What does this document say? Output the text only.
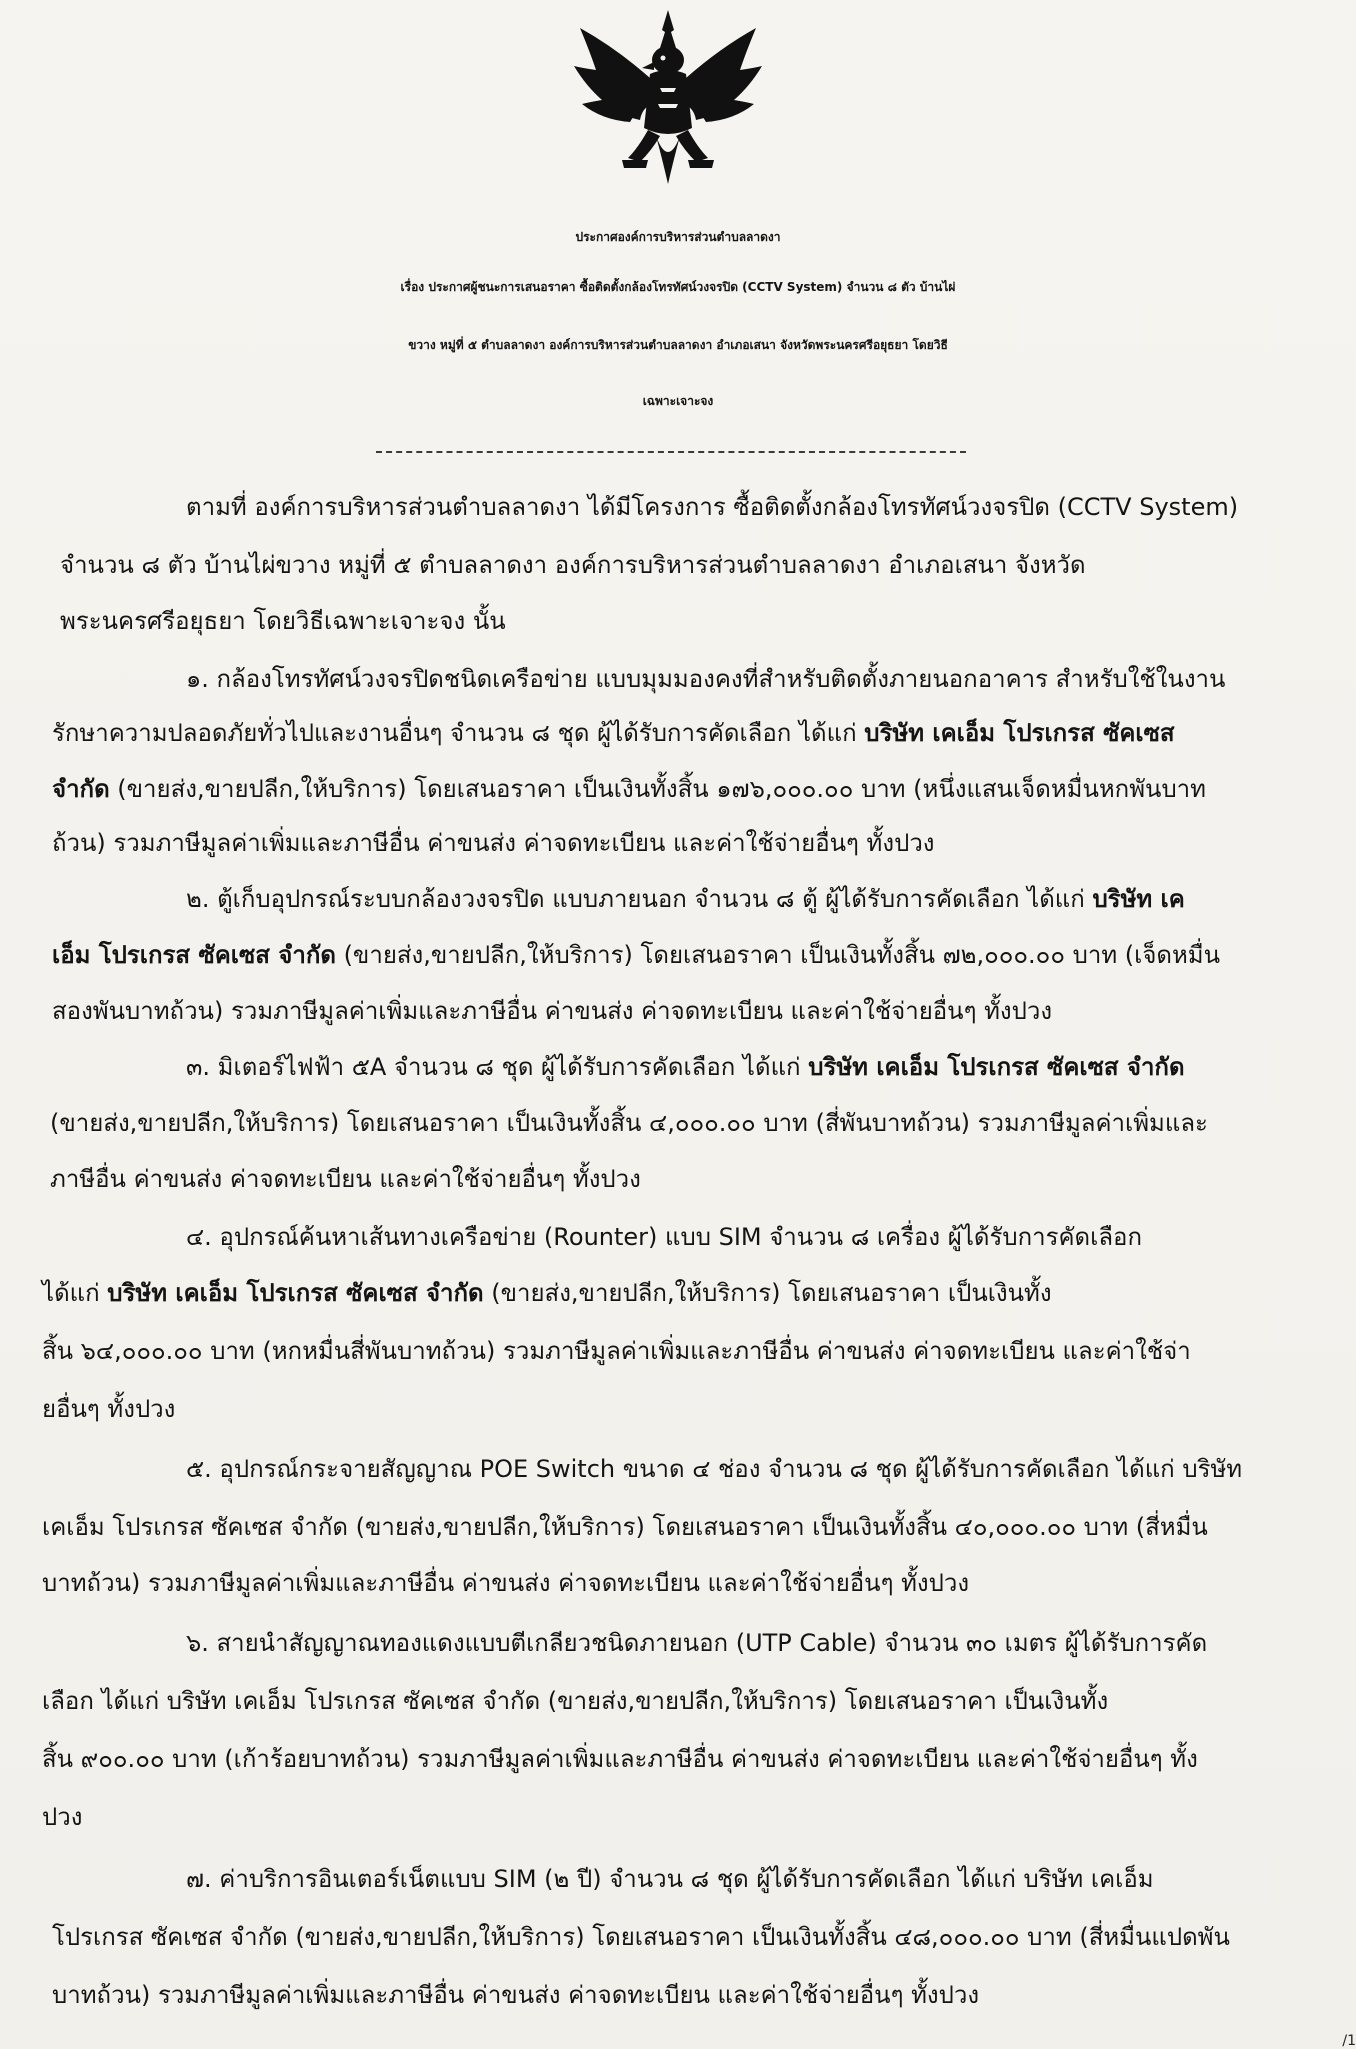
ประกาศองค์การบริหารส่วนตำบลลาดงา
เรื่อง ประกาศผู้ชนะการเสนอราคา ซื้อติดตั้งกล้องโทรทัศน์วงจรปิด (CCTV System) จำนวน ๘ ตัว บ้านไผ่
ขวาง หมู่ที่ ๕ ตำบลลาดงา องค์การบริหารส่วนตำบลลาดงา อำเภอเสนา จังหวัดพระนครศรีอยุธยา โดยวิธี
เฉพาะเจาะจง
ตามที่ องค์การบริหารส่วนตำบลลาดงา ได้มีโครงการ ซื้อติดตั้งกล้องโทรทัศน์วงจรปิด (CCTV System)
จำนวน ๘ ตัว บ้านไผ่ขวาง หมู่ที่ ๕ ตำบลลาดงา องค์การบริหารส่วนตำบลลาดงา อำเภอเสนา จังหวัด
พระนครศรีอยุธยา โดยวิธีเฉพาะเจาะจง นั้น
๑. กล้องโทรทัศน์วงจรปิดชนิดเครือข่าย แบบมุมมองคงที่สำหรับติดตั้งภายนอกอาคาร สำหรับใช้ในงาน
รักษาความปลอดภัยทั่วไปและงานอื่นๆ จำนวน ๘ ชุด ผู้ได้รับการคัดเลือก ได้แก่ บริษัท เคเอ็ม โปรเกรส ซัคเซส
จำกัด (ขายส่ง,ขายปลีก,ให้บริการ) โดยเสนอราคา เป็นเงินทั้งสิ้น ๑๗๖,๐๐๐.๐๐ บาท (หนึ่งแสนเจ็ดหมื่นหกพันบาท
ถ้วน) รวมภาษีมูลค่าเพิ่มและภาษีอื่น ค่าขนส่ง ค่าจดทะเบียน และค่าใช้จ่ายอื่นๆ ทั้งปวง
๒. ตู้เก็บอุปกรณ์ระบบกล้องวงจรปิด แบบภายนอก จำนวน ๘ ตู้ ผู้ได้รับการคัดเลือก ได้แก่ บริษัท เค
เอ็ม โปรเกรส ซัคเซส จำกัด (ขายส่ง,ขายปลีก,ให้บริการ) โดยเสนอราคา เป็นเงินทั้งสิ้น ๗๒,๐๐๐.๐๐ บาท (เจ็ดหมื่น
สองพันบาทถ้วน) รวมภาษีมูลค่าเพิ่มและภาษีอื่น ค่าขนส่ง ค่าจดทะเบียน และค่าใช้จ่ายอื่นๆ ทั้งปวง
๓. มิเตอร์ไฟฟ้า ๕A จำนวน ๘ ชุด ผู้ได้รับการคัดเลือก ได้แก่ บริษัท เคเอ็ม โปรเกรส ซัคเซส จำกัด
(ขายส่ง,ขายปลีก,ให้บริการ) โดยเสนอราคา เป็นเงินทั้งสิ้น ๔,๐๐๐.๐๐ บาท (สี่พันบาทถ้วน) รวมภาษีมูลค่าเพิ่มและ
ภาษีอื่น ค่าขนส่ง ค่าจดทะเบียน และค่าใช้จ่ายอื่นๆ ทั้งปวง
๔. อุปกรณ์ค้นหาเส้นทางเครือข่าย (Rounter) แบบ SIM จำนวน ๘ เครื่อง ผู้ได้รับการคัดเลือก
ได้แก่ บริษัท เคเอ็ม โปรเกรส ซัคเซส จำกัด (ขายส่ง,ขายปลีก,ให้บริการ) โดยเสนอราคา เป็นเงินทั้ง
สิ้น ๖๔,๐๐๐.๐๐ บาท (หกหมื่นสี่พันบาทถ้วน) รวมภาษีมูลค่าเพิ่มและภาษีอื่น ค่าขนส่ง ค่าจดทะเบียน และค่าใช้จ่า
ยอื่นๆ ทั้งปวง
๕. อุปกรณ์กระจายสัญญาณ POE Switch ขนาด ๔ ช่อง จำนวน ๘ ชุด ผู้ได้รับการคัดเลือก ได้แก่ บริษัท
เคเอ็ม โปรเกรส ซัคเซส จำกัด (ขายส่ง,ขายปลีก,ให้บริการ) โดยเสนอราคา เป็นเงินทั้งสิ้น ๔๐,๐๐๐.๐๐ บาท (สี่หมื่น
บาทถ้วน) รวมภาษีมูลค่าเพิ่มและภาษีอื่น ค่าขนส่ง ค่าจดทะเบียน และค่าใช้จ่ายอื่นๆ ทั้งปวง
๖. สายนำสัญญาณทองแดงแบบตีเกลียวชนิดภายนอก (UTP Cable) จำนวน ๓๐ เมตร ผู้ได้รับการคัด
เลือก ได้แก่ บริษัท เคเอ็ม โปรเกรส ซัคเซส จำกัด (ขายส่ง,ขายปลีก,ให้บริการ) โดยเสนอราคา เป็นเงินทั้ง
สิ้น ๙๐๐.๐๐ บาท (เก้าร้อยบาทถ้วน) รวมภาษีมูลค่าเพิ่มและภาษีอื่น ค่าขนส่ง ค่าจดทะเบียน และค่าใช้จ่ายอื่นๆ ทั้ง
ปวง
๗. ค่าบริการอินเตอร์เน็ตแบบ SIM (๒ ปี) จำนวน ๘ ชุด ผู้ได้รับการคัดเลือก ได้แก่ บริษัท เคเอ็ม
โปรเกรส ซัคเซส จำกัด (ขายส่ง,ขายปลีก,ให้บริการ) โดยเสนอราคา เป็นเงินทั้งสิ้น ๔๘,๐๐๐.๐๐ บาท (สี่หมื่นแปดพัน
บาทถ้วน) รวมภาษีมูลค่าเพิ่มและภาษีอื่น ค่าขนส่ง ค่าจดทะเบียน และค่าใช้จ่ายอื่นๆ ทั้งปวง
/1
